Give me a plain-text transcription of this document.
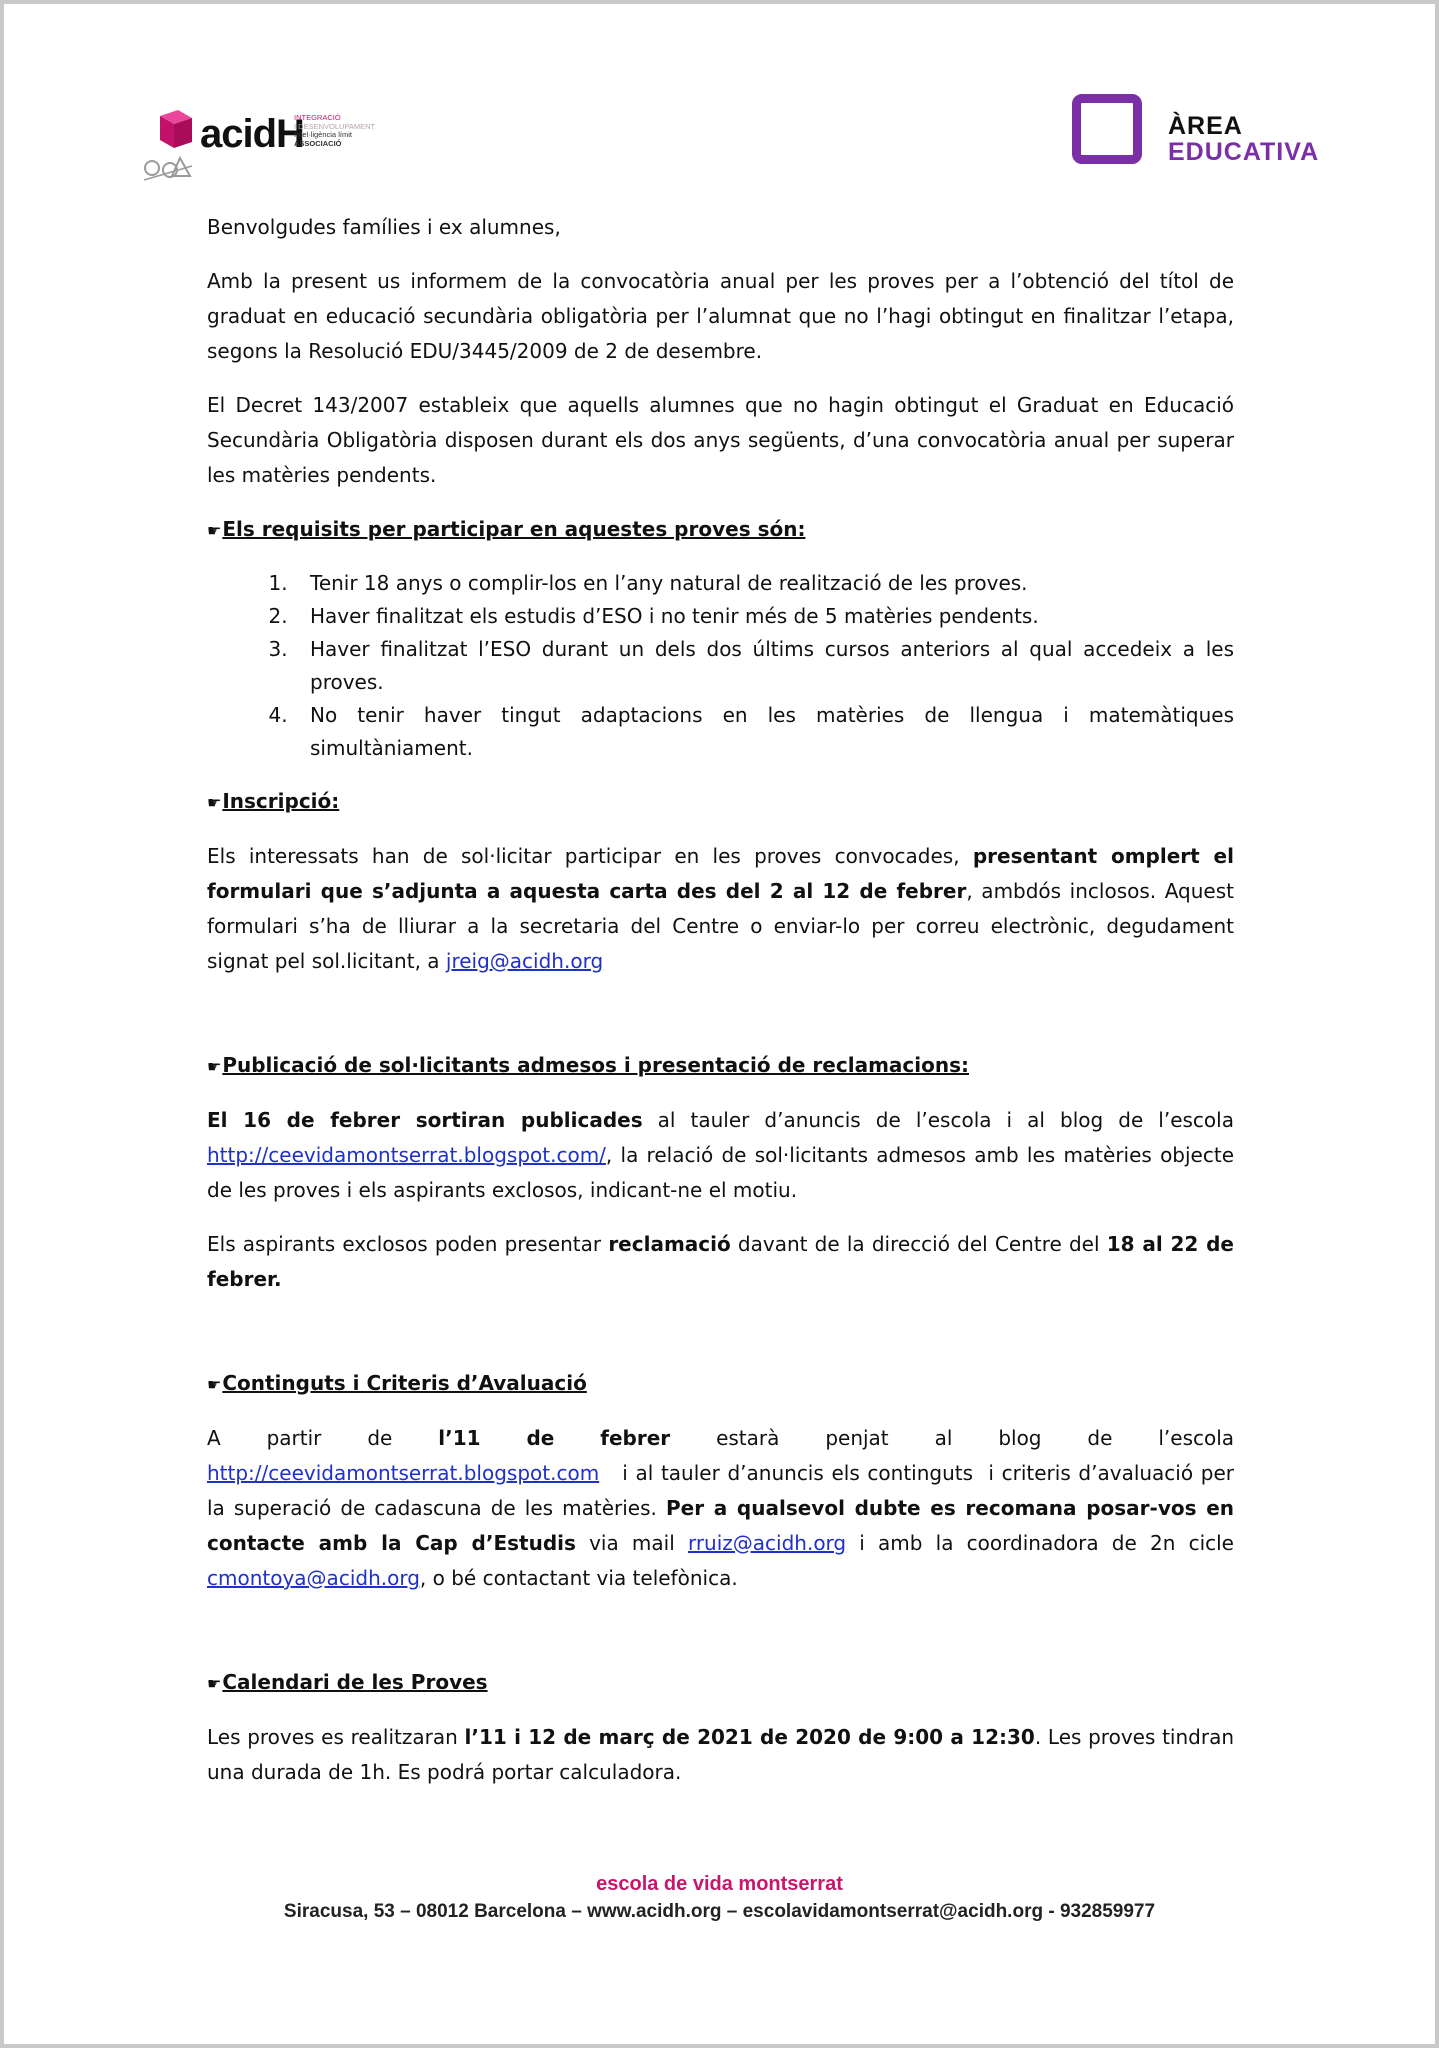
acidH
INTEGRACIÓ
I DESENVOLUPAMENT
Intel·ligència límit
ASSOCIACIÓ
ÀREA
EDUCATIVA

Benvolgudes famílies i ex alumnes,

Amb la present us informem de la convocatòria anual per les proves per a l’obtenció del títol de graduat en educació secundària obligatòria per l’alumnat que no l’hagi obtingut en finalitzar l’etapa, segons la Resolució EDU/3445/2009 de 2 de desembre.

El Decret 143/2007 estableix que aquells alumnes que no hagin obtingut el Graduat en Educació Secundària Obligatòria disposen durant els dos anys següents, d’una convocatòria anual per superar les matèries pendents.

☛Els requisits per participar en aquestes proves són:
1. Tenir 18 anys o complir-los en l’any natural de realització de les proves.
2. Haver finalitzat els estudis d’ESO i no tenir més de 5 matèries pendents.
3. Haver finalitzat l’ESO durant un dels dos últims cursos anteriors al qual accedeix a les proves.
4. No tenir haver tingut adaptacions en les matèries de llengua i matemàtiques simultàniament.
☛Inscripció:

Els interessats han de sol·licitar participar en les proves convocades, presentant omplert el formulari que s’adjunta a aquesta carta des del 2 al 12 de febrer, ambdós inclosos. Aquest formulari s’ha de lliurar a la secretaria del Centre o enviar-lo per correu electrònic, degudament signat pel sol.licitant, a jreig@acidh.org

☛Publicació de sol·licitants admesos i presentació de reclamacions:

El 16 de febrer sortiran publicades al tauler d’anuncis de l’escola i al blog de l’escola http://ceevidamontserrat.blogspot.com/, la relació de sol·licitants admesos amb les matèries objecte de les proves i els aspirants exclosos, indicant-ne el motiu.

Els aspirants exclosos poden presentar reclamació davant de la direcció del Centre del 18 al 22 de febrer.

☛Continguts i Criteris d’Avaluació

A partir de l’11 de febrer estarà penjat al blog de l’escola

http://ceevidamontserrat.blogspot.com   i al tauler d’anuncis els continguts  i criteris d’avaluació per la superació de cadascuna de les matèries. Per a qualsevol dubte es recomana posar-vos en contacte amb la Cap d’Estudis via mail rruiz@acidh.org i amb la coordinadora de 2n cicle cmontoya@acidh.org, o bé contactant via telefònica.

☛Calendari de les Proves

Les proves es realitzaran l’11 i 12 de març de 2021 de 2020 de 9:00 a 12:30. Les proves tindran una durada de 1h. Es podrá portar calculadora.

escola de vida montserrat
Siracusa, 53 – 08012 Barcelona – www.acidh.org – escolavidamontserrat@acidh.org - 932859977
